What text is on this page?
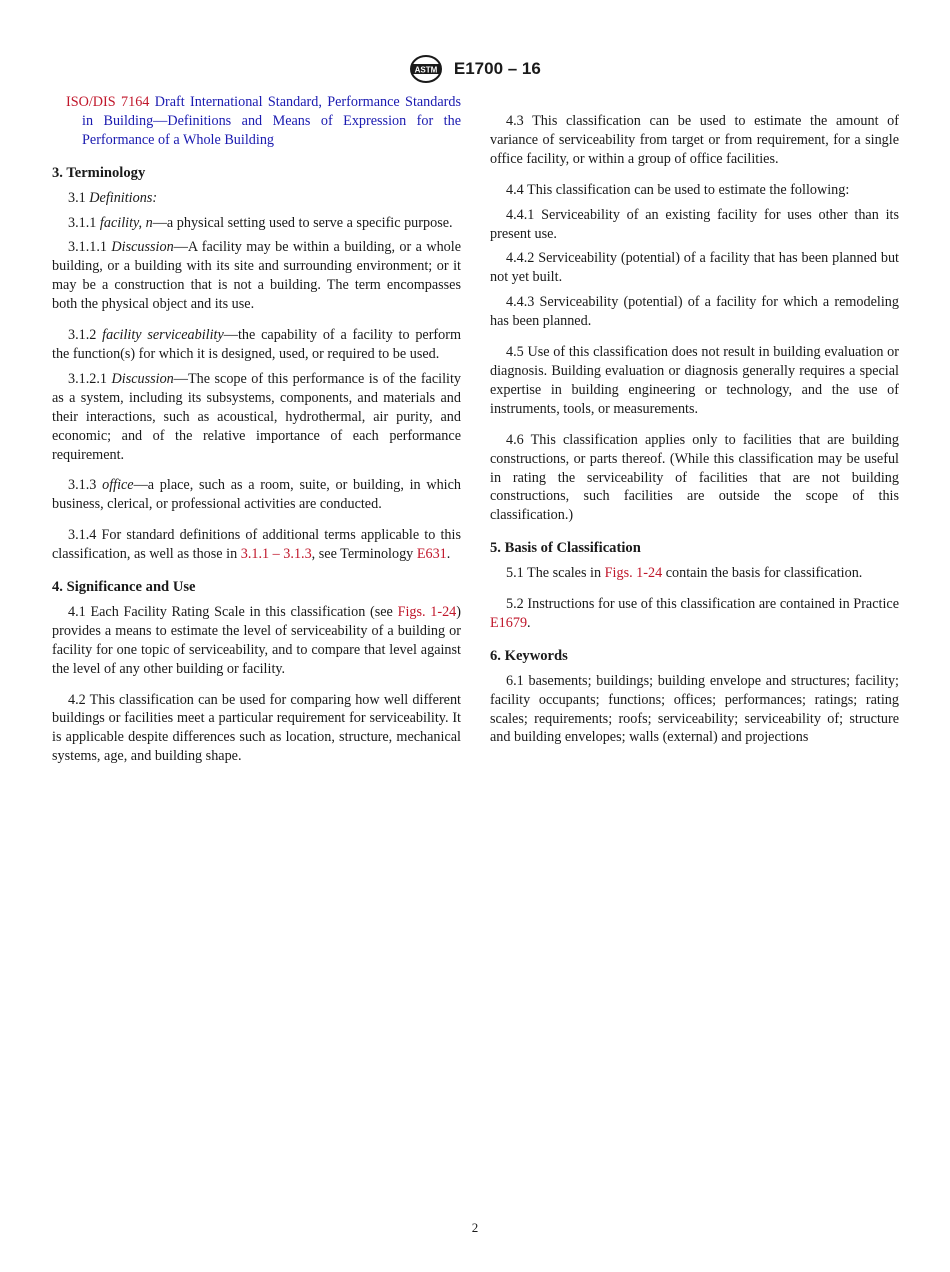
ASTM E1700 – 16

ISO/DIS 7164 Draft International Standard, Performance Standards in Building—Definitions and Means of Expression for the Performance of a Whole Building

3. Terminology

3.1 Definitions:

3.1.1 facility, n—a physical setting used to serve a specific purpose.

3.1.1.1 Discussion—A facility may be within a building, or a whole building, or a building with its site and surrounding environment; or it may be a construction that is not a building. The term encompasses both the physical object and its use.

3.1.2 facility serviceability—the capability of a facility to perform the function(s) for which it is designed, used, or required to be used.

3.1.2.1 Discussion—The scope of this performance is of the facility as a system, including its subsystems, components, and materials and their interactions, such as acoustical, hydrothermal, air purity, and economic; and of the relative importance of each performance requirement.

3.1.3 office—a place, such as a room, suite, or building, in which business, clerical, or professional activities are conducted.

3.1.4 For standard definitions of additional terms applicable to this classification, as well as those in 3.1.1 – 3.1.3, see Terminology E631.

4. Significance and Use

4.1 Each Facility Rating Scale in this classification (see Figs. 1-24) provides a means to estimate the level of serviceability of a building or facility for one topic of serviceability, and to compare that level against the level of any other building or facility.

4.2 This classification can be used for comparing how well different buildings or facilities meet a particular requirement for serviceability. It is applicable despite differences such as location, structure, mechanical systems, age, and building shape.

4.3 This classification can be used to estimate the amount of variance of serviceability from target or from requirement, for a single office facility, or within a group of office facilities.

4.4 This classification can be used to estimate the following:

4.4.1 Serviceability of an existing facility for uses other than its present use.

4.4.2 Serviceability (potential) of a facility that has been planned but not yet built.

4.4.3 Serviceability (potential) of a facility for which a remodeling has been planned.

4.5 Use of this classification does not result in building evaluation or diagnosis. Building evaluation or diagnosis generally requires a special expertise in building engineering or technology, and the use of instruments, tools, or measurements.

4.6 This classification applies only to facilities that are building constructions, or parts thereof. (While this classification may be useful in rating the serviceability of facilities that are not building constructions, such facilities are outside the scope of this classification.)

5. Basis of Classification

5.1 The scales in Figs. 1-24 contain the basis for classification.

5.2 Instructions for use of this classification are contained in Practice E1679.

6. Keywords

6.1 basements; buildings; building envelope and structures; facility; facility occupants; functions; offices; performances; ratings; rating scales; requirements; roofs; serviceability; serviceability of; structure and building envelopes; walls (external) and projections

2
